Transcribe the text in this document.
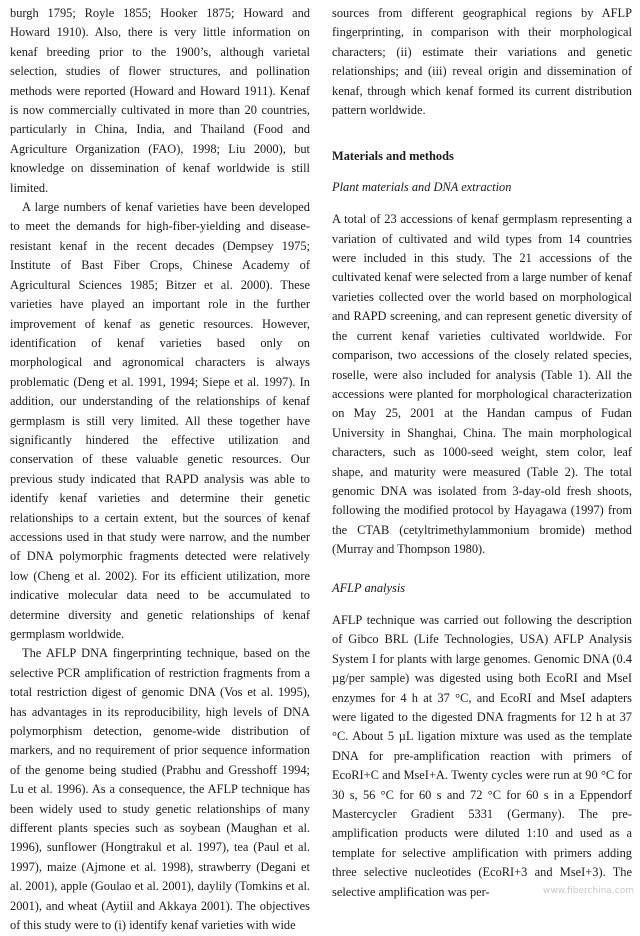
burgh 1795; Royle 1855; Hooker 1875; Howard and Howard 1910). Also, there is very little information on kenaf breeding prior to the 1900’s, although varietal selection, studies of flower structures, and pollination methods were reported (Howard and Howard 1911). Kenaf is now commercially cultivated in more than 20 countries, particularly in China, India, and Thailand (Food and Agriculture Organization (FAO), 1998; Liu 2000), but knowledge on dissemination of kenaf worldwide is still limited.

A large numbers of kenaf varieties have been developed to meet the demands for high-fiber-yielding and disease-resistant kenaf in the recent decades (Dempsey 1975; Institute of Bast Fiber Crops, Chinese Academy of Agricultural Sciences 1985; Bitzer et al. 2000). These varieties have played an important role in the further improvement of kenaf as genetic resources. However, identification of kenaf varieties based only on morphological and agronomical characters is always problematic (Deng et al. 1991, 1994; Siepe et al. 1997). In addition, our understanding of the relationships of kenaf germplasm is still very limited. All these together have significantly hindered the effective utilization and conservation of these valuable genetic resources. Our previous study indicated that RAPD analysis was able to identify kenaf varieties and determine their genetic relationships to a certain extent, but the sources of kenaf accessions used in that study were narrow, and the number of DNA polymorphic fragments detected were relatively low (Cheng et al. 2002). For its efficient utilization, more indicative molecular data need to be accumulated to determine diversity and genetic relationships of kenaf germplasm worldwide.

The AFLP DNA fingerprinting technique, based on the selective PCR amplification of restriction fragments from a total restriction digest of genomic DNA (Vos et al. 1995), has advantages in its reproducibility, high levels of DNA polymorphism detection, genome-wide distribution of markers, and no requirement of prior sequence information of the genome being studied (Prabhu and Gresshoff 1994; Lu et al. 1996). As a consequence, the AFLP technique has been widely used to study genetic relationships of many different plants species such as soybean (Maughan et al. 1996), sunflower (Hongtrakul et al. 1997), tea (Paul et al. 1997), maize (Ajmone et al. 1998), strawberry (Degani et al. 2001), apple (Goulao et al. 2001), daylily (Tomkins et al. 2001), and wheat (Aytiil and Akkaya 2001). The objectives of this study were to (i) identify kenaf varieties with wide

sources from different geographical regions by AFLP fingerprinting, in comparison with their morphological characters; (ii) estimate their variations and genetic relationships; and (iii) reveal origin and dissemination of kenaf, through which kenaf formed its current distribution pattern worldwide.

Materials and methods
Plant materials and DNA extraction

A total of 23 accessions of kenaf germplasm representing a variation of cultivated and wild types from 14 countries were included in this study. The 21 accessions of the cultivated kenaf were selected from a large number of kenaf varieties collected over the world based on morphological and RAPD screening, and can represent genetic diversity of the current kenaf varieties cultivated worldwide. For comparison, two accessions of the closely related species, roselle, were also included for analysis (Table 1). All the accessions were planted for morphological characterization on May 25, 2001 at the Handan campus of Fudan University in Shanghai, China. The main morphological characters, such as 1000-seed weight, stem color, leaf shape, and maturity were measured (Table 2). The total genomic DNA was isolated from 3-day-old fresh shoots, following the modified protocol by Hayagawa (1997) from the CTAB (cetyltrimethylammonium bromide) method (Murray and Thompson 1980).

AFLP analysis

AFLP technique was carried out following the description of Gibco BRL (Life Technologies, USA) AFLP Analysis System I for plants with large genomes. Genomic DNA (0.4 µg/per sample) was digested using both EcoRI and MseI enzymes for 4 h at 37 °C, and EcoRI and MseI adapters were ligated to the digested DNA fragments for 12 h at 37 °C. About 5 µL ligation mixture was used as the template DNA for pre-amplification reaction with primers of EcoRI+C and MseI+A. Twenty cycles were run at 90 °C for 30 s, 56 °C for 60 s and 72 °C for 60 s in a Eppendorf Mastercycler Gradient 5331 (Germany). The pre-amplification products were diluted 1:10 and used as a template for selective amplification with primers adding three selective nucleotides (EcoRI+3 and MseI+3). The selective amplification was per-	www.fiberchina.com
